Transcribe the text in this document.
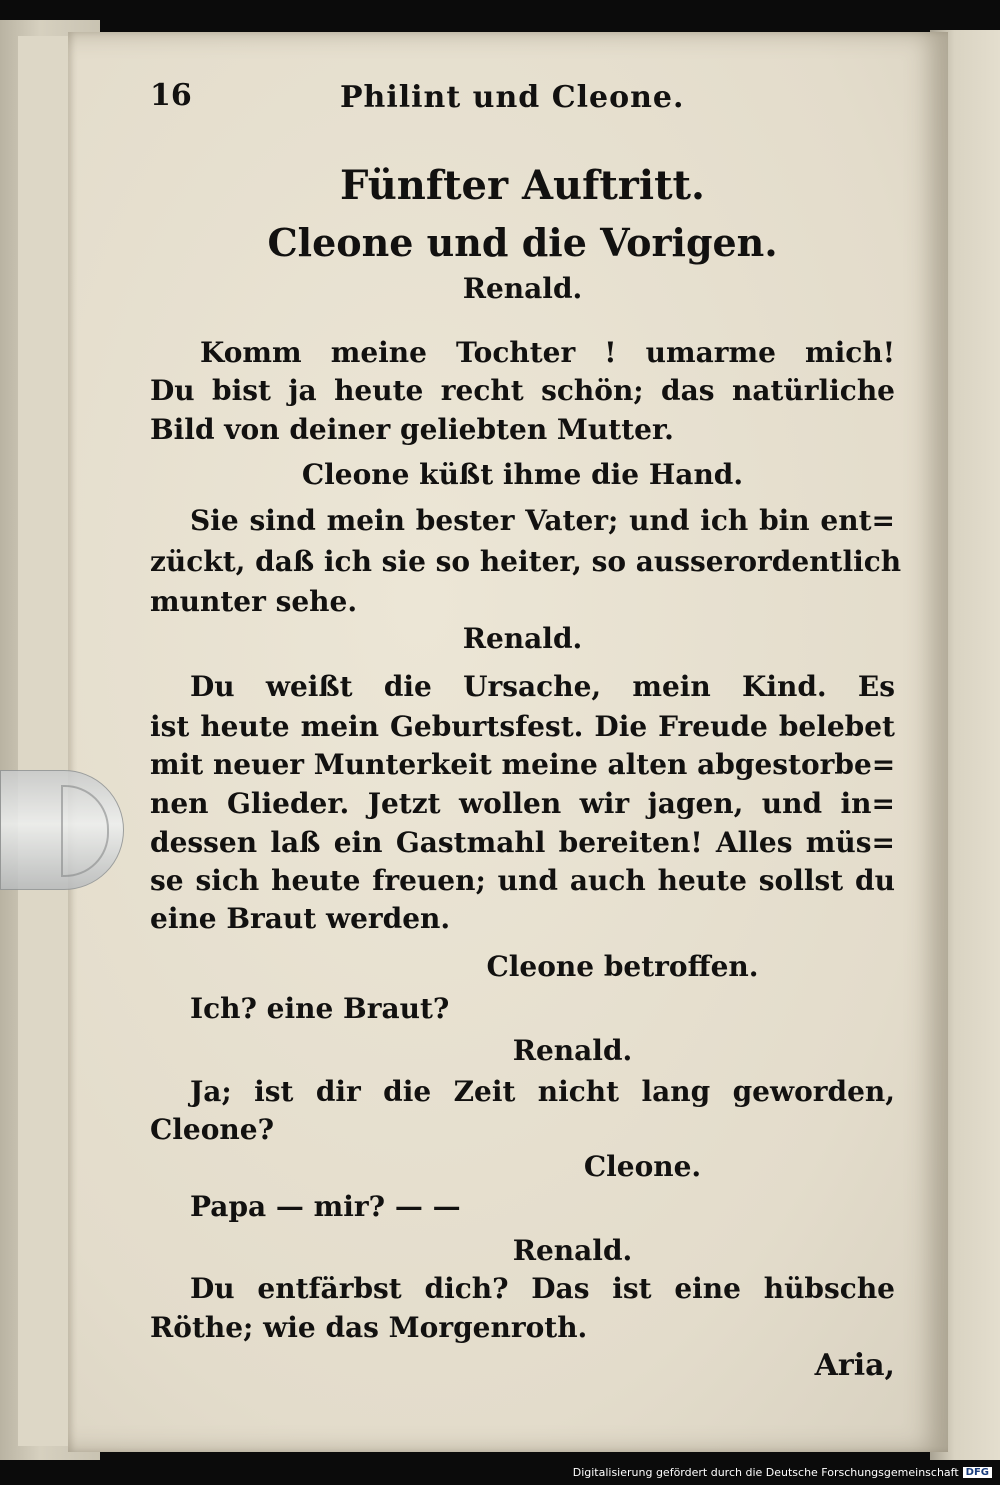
16	Philint und Cleone.
Fünfter Auftritt.
Cleone und die Vorigen.
Renald.
Komm meine Tochter ! umarme mich!
Du bist ja heute recht schön; das natürliche
Bild von deiner geliebten Mutter.
Cleone küßt ihme die Hand.
Sie sind mein bester Vater; und ich bin ent=
zückt, daß ich sie so heiter, so ausserordentlich
munter sehe.
Renald.
Du weißt die Ursache, mein Kind. Es
ist heute mein Geburtsfest. Die Freude belebet
mit neuer Munterkeit meine alten abgestorbe=
nen Glieder. Jetzt wollen wir jagen, und in=
dessen laß ein Gastmahl bereiten! Alles müs=
se sich heute freuen; und auch heute sollst du
eine Braut werden.
Cleone betroffen.
Ich? eine Braut?
Renald.
Ja; ist dir die Zeit nicht lang geworden,
Cleone?
Cleone.
Papa — mir? — —
Renald.
Du entfärbst dich? Das ist eine hübsche
Röthe; wie das Morgenroth.
Aria,
Digitalisierung gefördert durch die Deutsche Forschungsgemeinschaft DFG
